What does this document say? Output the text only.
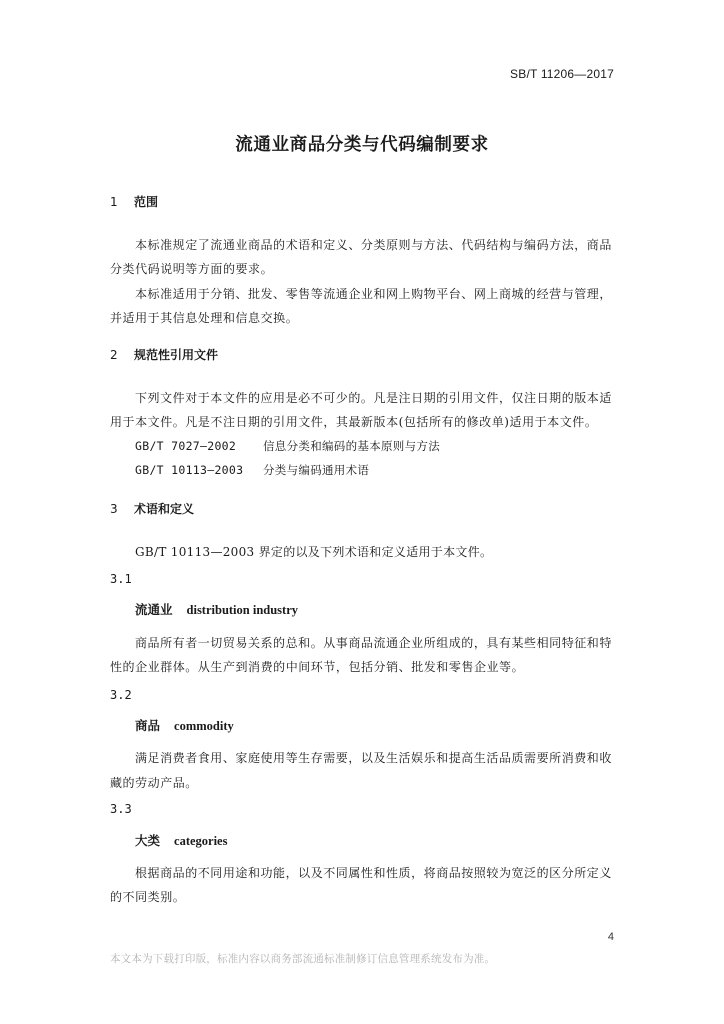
SB/T 11206—2017
流通业商品分类与代码编制要求
1 范围
本标准规定了流通业商品的术语和定义、分类原则与方法、代码结构与编码方法，商品
分类代码说明等方面的要求。
本标准适用于分销、批发、零售等流通企业和网上购物平台、网上商城的经营与管理，
并适用于其信息处理和信息交换。
2 规范性引用文件
下列文件对于本文件的应用是必不可少的。凡是注日期的引用文件，仅注日期的版本适
用于本文件。凡是不注日期的引用文件，其最新版本(包括所有的修改单)适用于本文件。
GB/T 7027—2002 信息分类和编码的基本原则与方法
GB/T 10113—2003 分类与编码通用术语
3 术语和定义
GB/T 10113—2003 界定的以及下列术语和定义适用于本文件。
3.1
流通业 distribution industry
商品所有者一切贸易关系的总和。从事商品流通企业所组成的，具有某些相同特征和特
性的企业群体。从生产到消费的中间环节，包括分销、批发和零售企业等。
3.2
商品 commodity
满足消费者食用、家庭使用等生存需要，以及生活娱乐和提高生活品质需要所消费和收
藏的劳动产品。
3.3
大类 categories
根据商品的不同用途和功能，以及不同属性和性质，将商品按照较为宽泛的区分所定义
的不同类别。
4
本文本为下载打印版，标准内容以商务部流通标准制修订信息管理系统发布为准。
